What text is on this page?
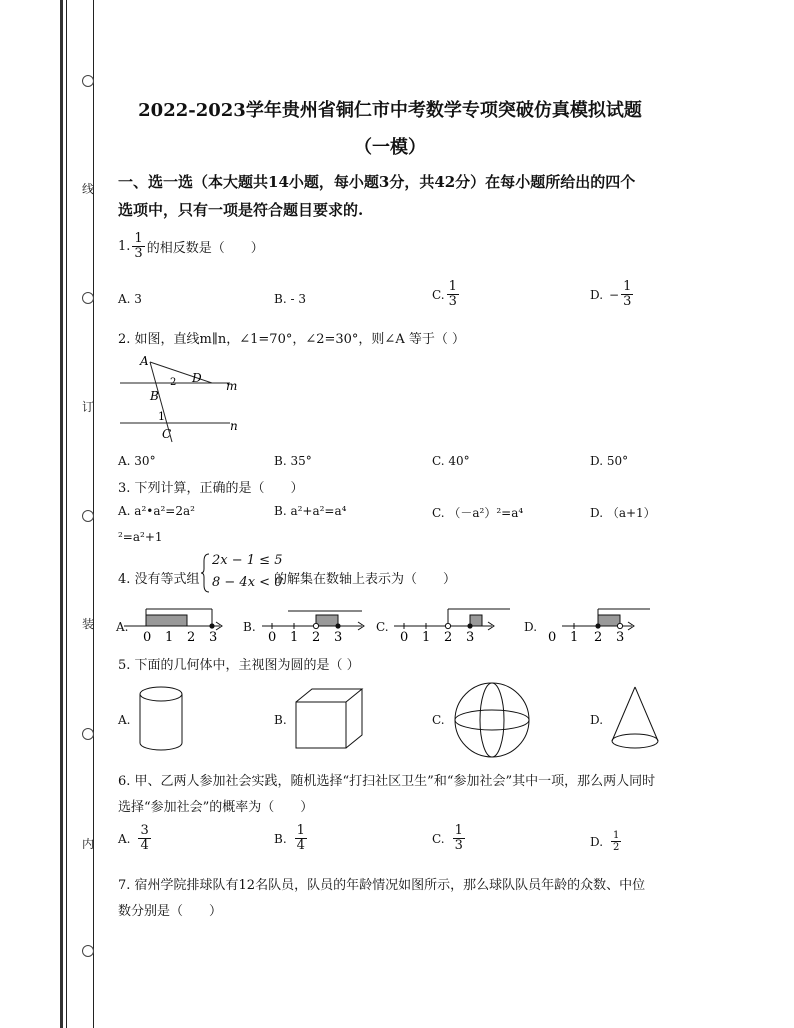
线
订
装
内
2022-2023学年贵州省铜仁市中考数学专项突破仿真模拟试题
（一模）
一、选一选（本大题共14小题，每小题3分，共42分）在每小题所给出的四个
选项中，只有一项是符合题目要求的.
1. $\frac{1}{3}$ 的相反数是（　　）
A. 3	B. - 3	C. $\frac{1}{3}$	D. − $\frac{1}{3}$
2. 如图，直线m∥n，∠1=70°，∠2=30°，则∠A 等于（ ）
A
B
C
D
m
n
1
2
A. 30°	B. 35°	C. 40°	D. 50°
3. 下列计算，正确的是（　　）
A. a²•a²=2a²	B. a²+a²=a⁴	C. （－a²）²=a⁴	D. （a+1）
²=a²+1
4. 没有等式组
2x − 1 ≤ 5
8 − 4x < 0
的解集在数轴上表示为（　　）
A.
0 1 2 3
B.
0 1 2 3
C.
0 1 2 3
D.
0 1 2 3
5. 下面的几何体中，主视图为圆的是（ ）
A.	B.	C.	D.
6. 甲、乙两人参加社会实践，随机选择“打扫社区卫生”和“参加社会”其中一项，那么两人同时
选择“参加社会”的概率为（　　）
A. $\frac{3}{4}$	B. $\frac{1}{4}$	C. $\frac{1}{3}$	D. $\frac{1}{2}$
7. 宿州学院排球队有12名队员，队员的年龄情况如图所示，那么球队队员年龄的众数、中位
数分别是（　　）
